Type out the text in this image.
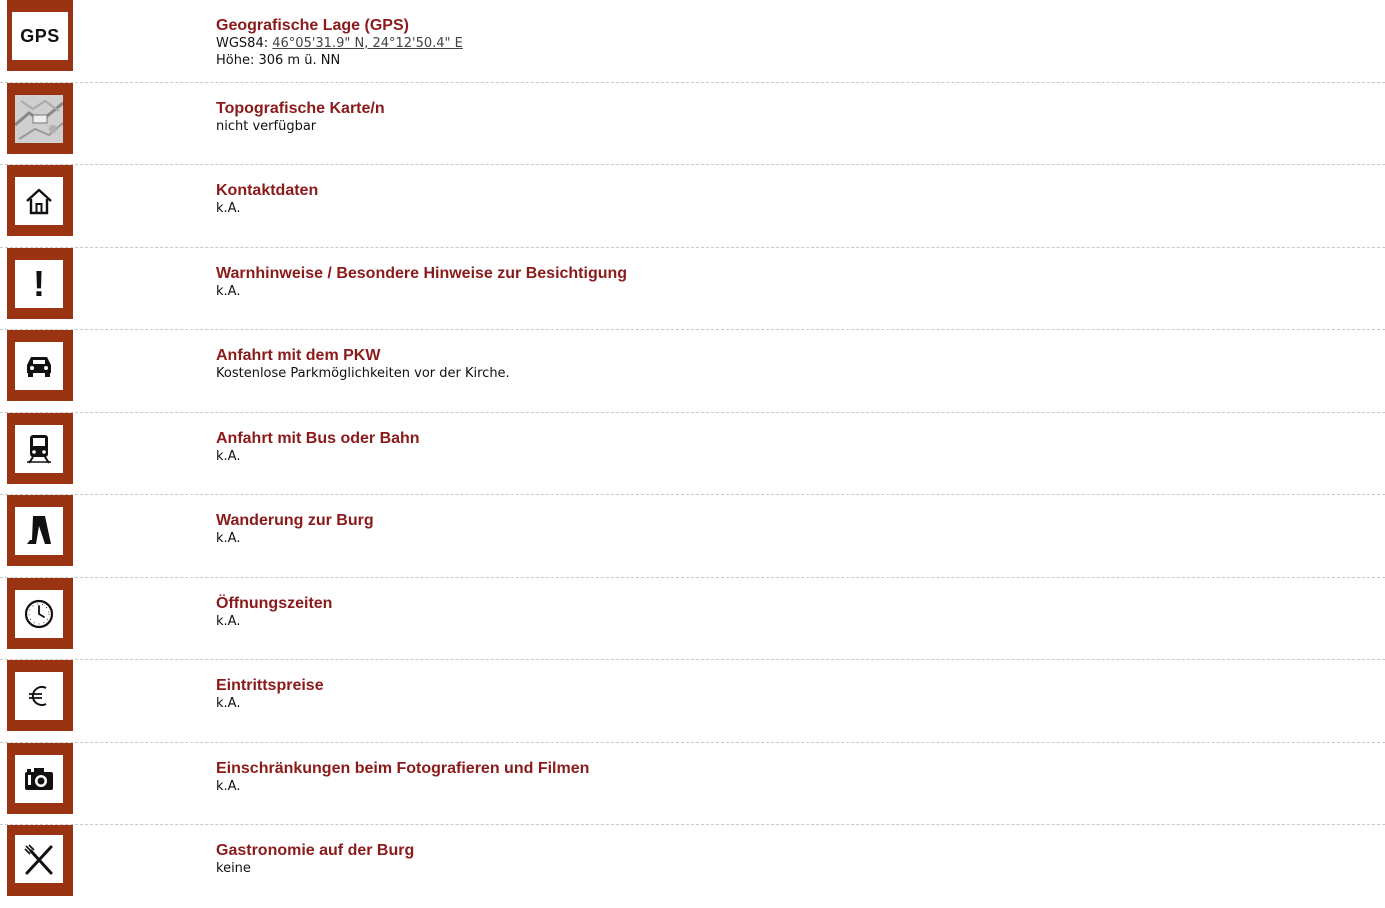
GPS	Geografische Lage (GPS)
WGS84: 46°05'31.9" N, 24°12'50.4" E
Höhe: 306 m ü. NN
Topografische Karte/n
nicht verfügbar
Kontaktdaten
k.A.
!	Warnhinweise / Besondere Hinweise zur Besichtigung
k.A.
Anfahrt mit dem PKW
Kostenlose Parkmöglichkeiten vor der Kirche.
Anfahrt mit Bus oder Bahn
k.A.
Wanderung zur Burg
k.A.
Öffnungszeiten
k.A.
Eintrittspreise
k.A.
Einschränkungen beim Fotografieren und Filmen
k.A.
Gastronomie auf der Burg
keine
